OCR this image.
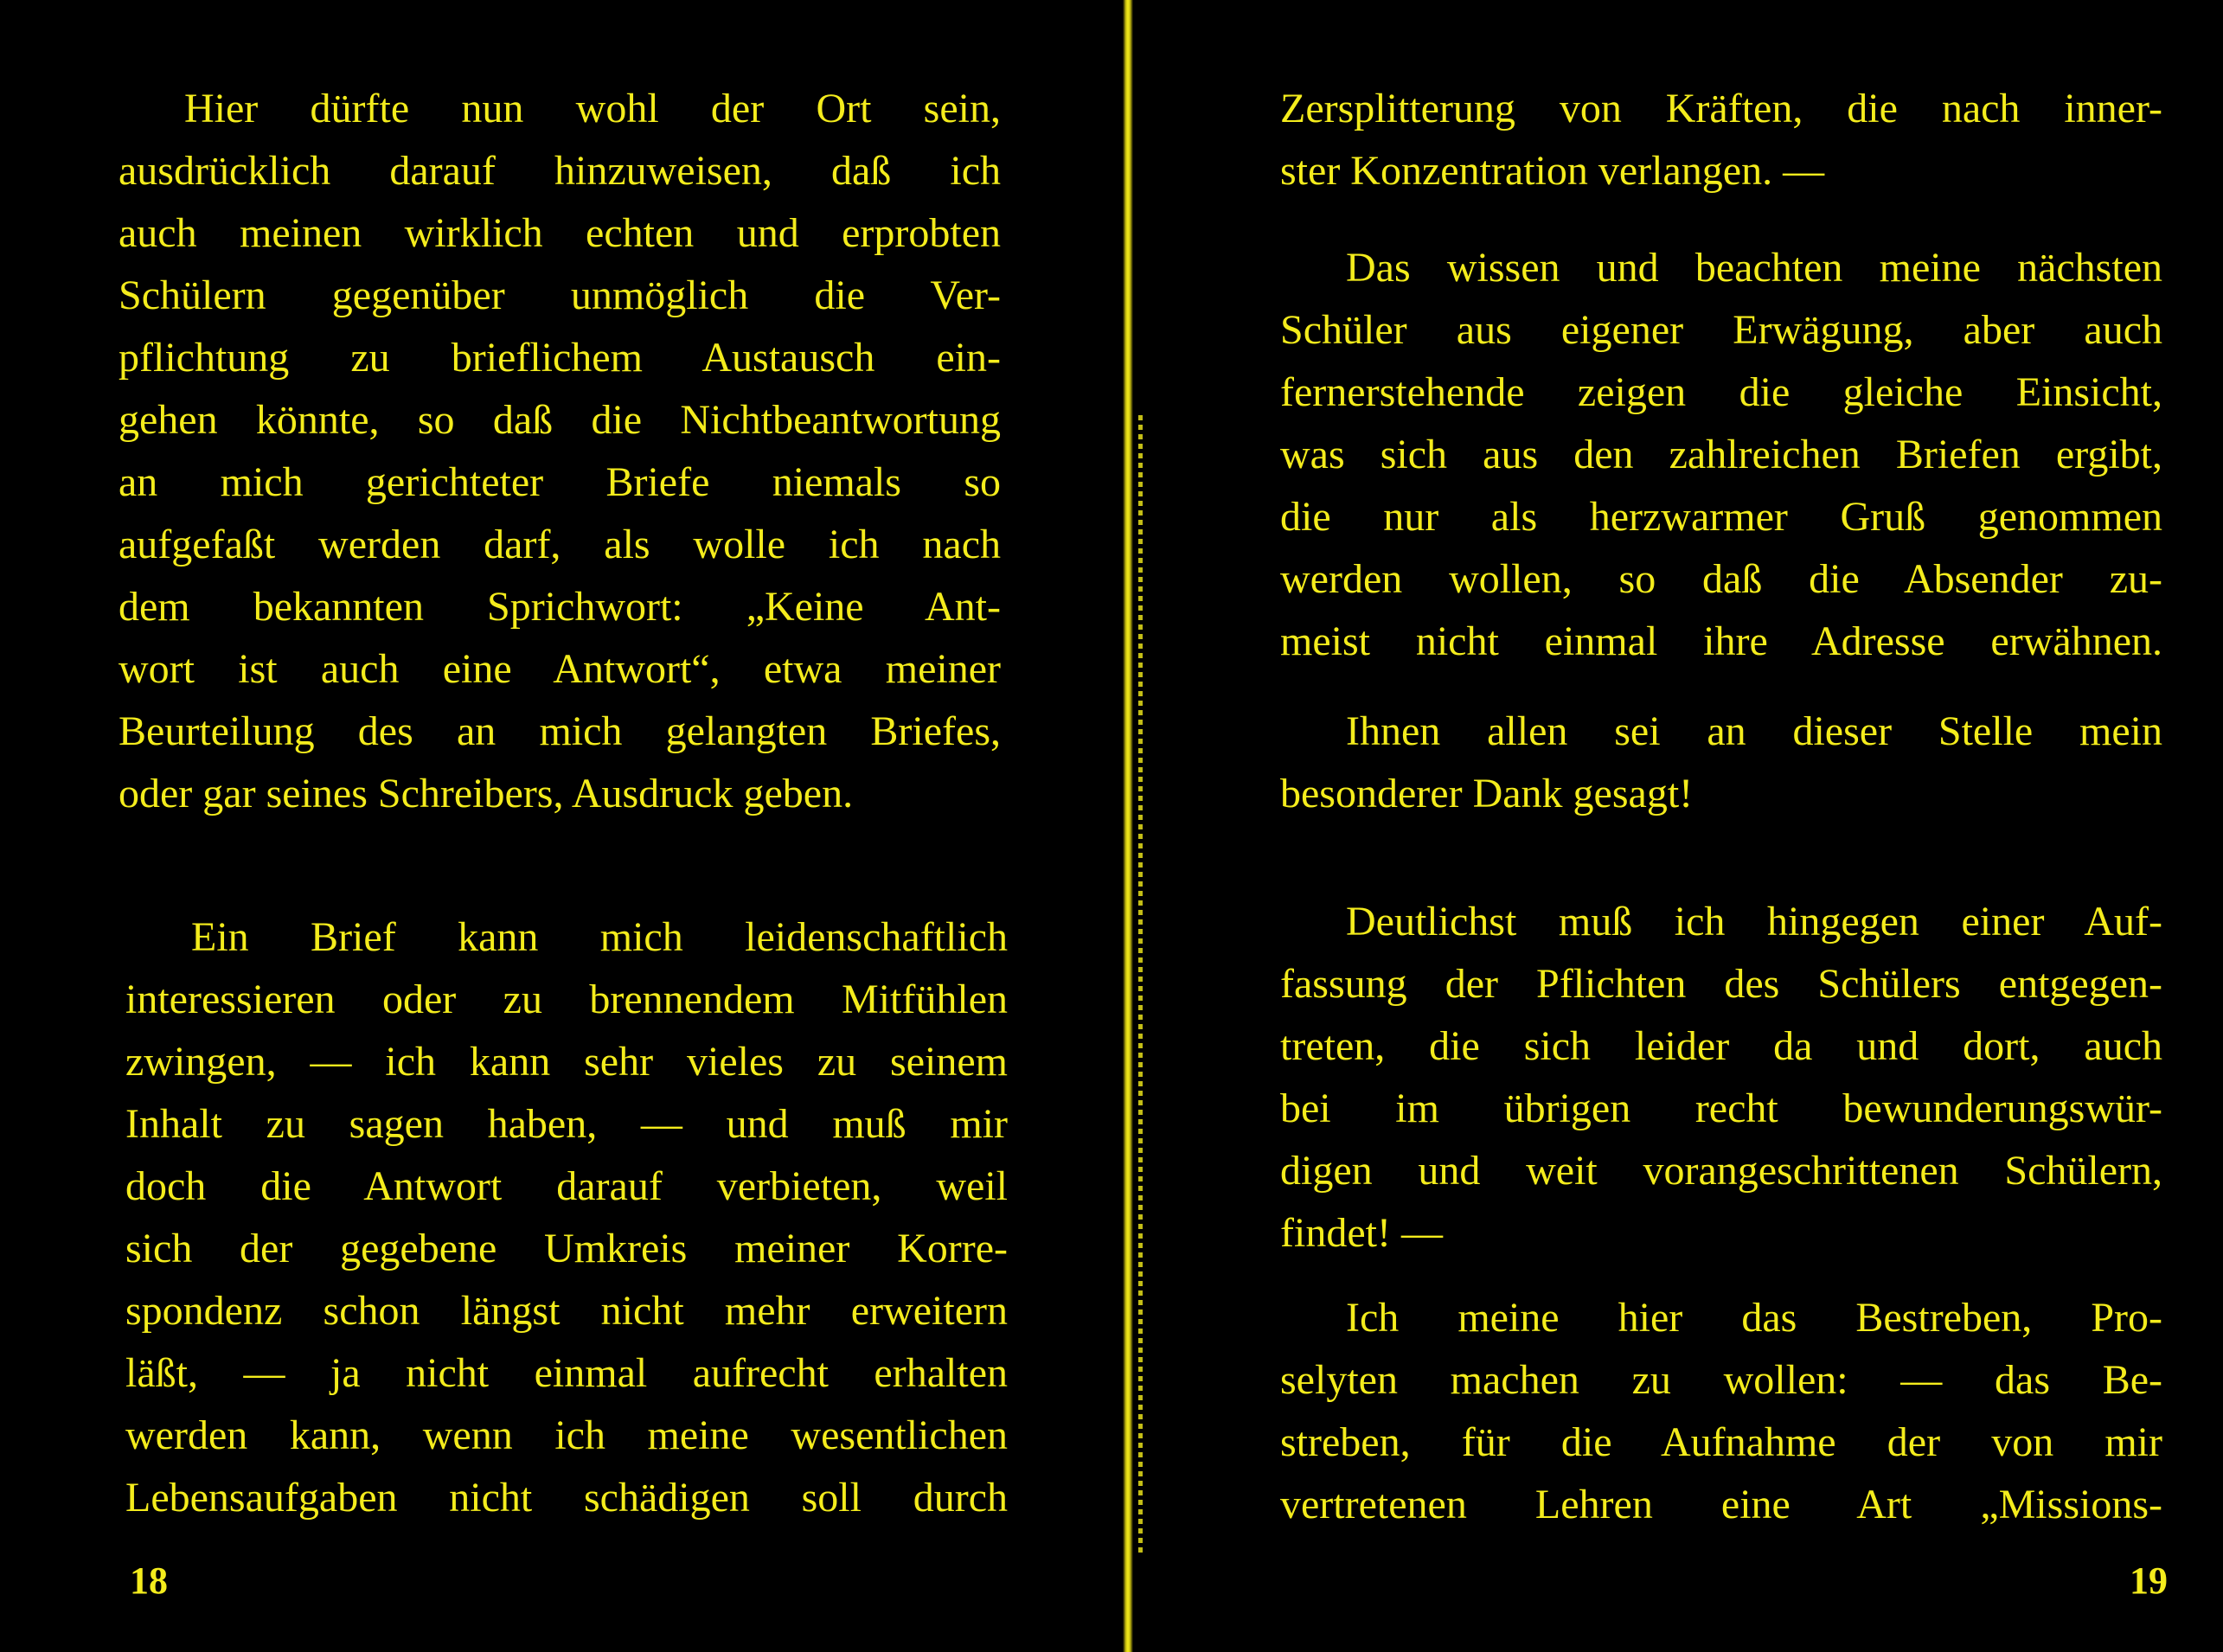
Hier dürfte nun wohl der Ort sein,
ausdrücklich darauf hinzuweisen, daß ich
auch meinen wirklich echten und erprobten
Schülern gegenüber unmöglich die Ver-
pflichtung zu brieflichem Austausch ein-
gehen könnte, so daß die Nichtbeantwortung
an mich gerichteter Briefe niemals so
aufgefaßt werden darf, als wolle ich nach
dem bekannten Sprichwort: „Keine Ant-
wort ist auch eine Antwort“, etwa meiner
Beurteilung des an mich gelangten Briefes,
oder gar seines Schreibers, Ausdruck geben.
Ein Brief kann mich leidenschaftlich
interessieren oder zu brennendem Mitfühlen
zwingen, — ich kann sehr vieles zu seinem
Inhalt zu sagen haben, — und muß mir
doch die Antwort darauf verbieten, weil
sich der gegebene Umkreis meiner Korre-
spondenz schon längst nicht mehr erweitern
läßt, — ja nicht einmal aufrecht erhalten
werden kann, wenn ich meine wesentlichen
Lebensaufgaben nicht schädigen soll durch
18
Zersplitterung von Kräften, die nach inner-
ster Konzentration verlangen. —
Das wissen und beachten meine nächsten
Schüler aus eigener Erwägung, aber auch
fernerstehende zeigen die gleiche Einsicht,
was sich aus den zahlreichen Briefen ergibt,
die nur als herzwarmer Gruß genommen
werden wollen, so daß die Absender zu-
meist nicht einmal ihre Adresse erwähnen.
Ihnen allen sei an dieser Stelle mein
besonderer Dank gesagt!
Deutlichst muß ich hingegen einer Auf-
fassung der Pflichten des Schülers entgegen-
treten, die sich leider da und dort, auch
bei im übrigen recht bewunderungswür-
digen und weit vorangeschrittenen Schülern,
findet! —
Ich meine hier das Bestreben, Pro-
selyten machen zu wollen: — das Be-
streben, für die Aufnahme der von mir
vertretenen Lehren eine Art „Missions-
19
